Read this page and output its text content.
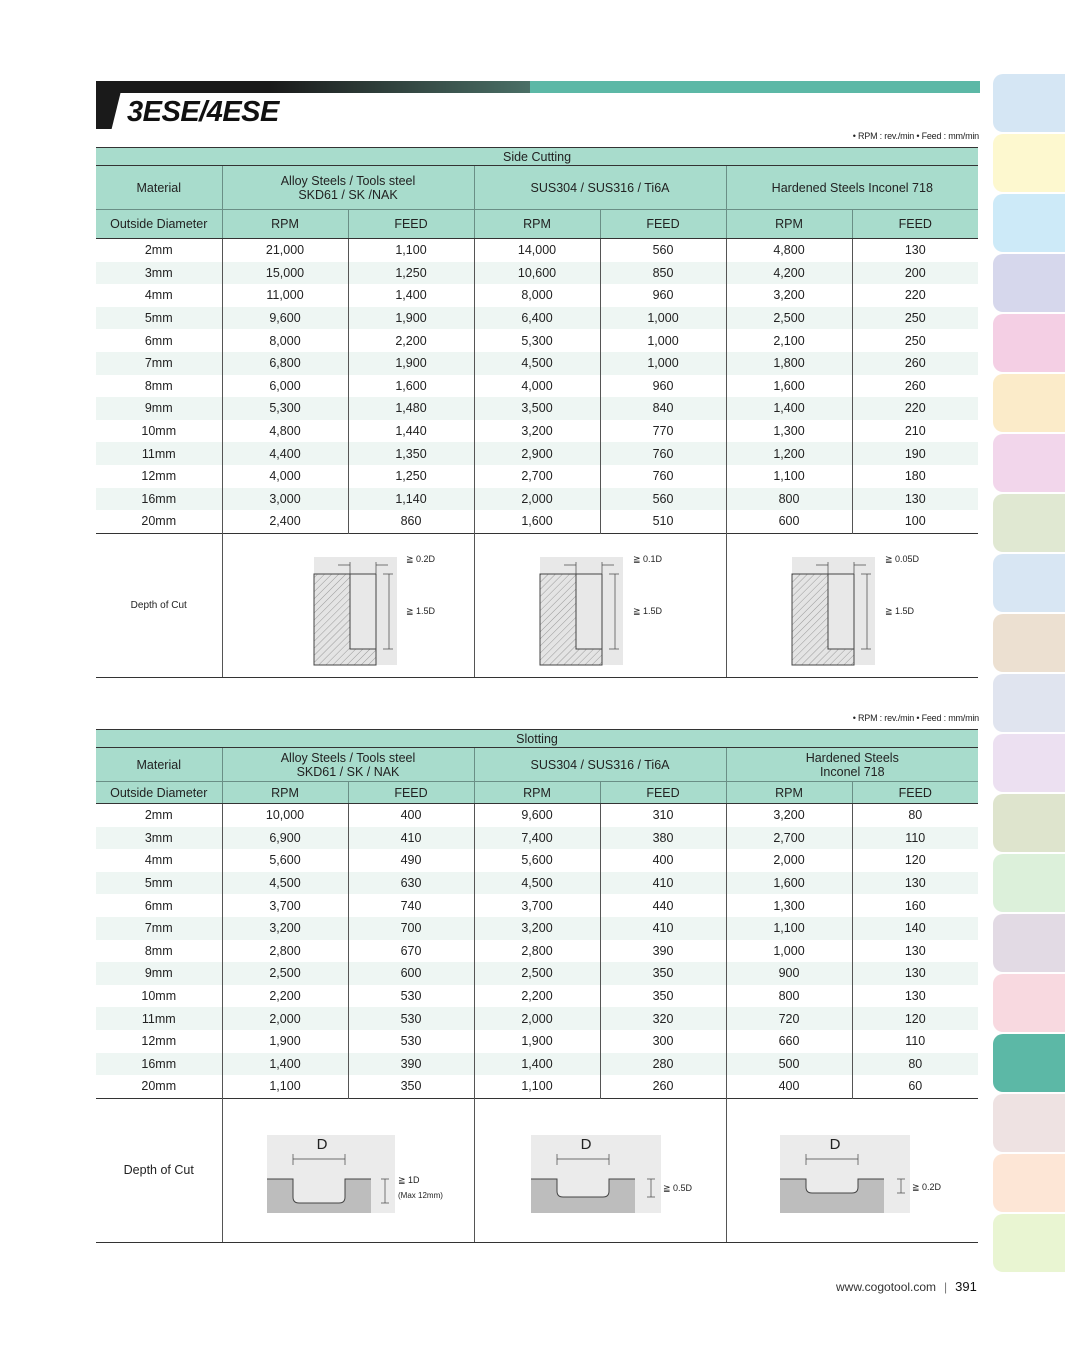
3ESE/4ESE
• RPM : rev./min • Feed : mm/min
Side Cutting						
Material	Alloy Steels / Tools steel
SKD61 / SK /NAK		SUS304 / SUS316 / Ti6A		Hardened Steels Inconel 718	
Outside Diameter	RPM	FEED	RPM	FEED	RPM	FEED
2mm	21,000	1,100	14,000	560	4,800	130
3mm	15,000	1,250	10,600	850	4,200	200
4mm	11,000	1,400	8,000	960	3,200	220
5mm	9,600	1,900	6,400	1,000	2,500	250
6mm	8,000	2,200	5,300	1,000	2,100	250
7mm	6,800	1,900	4,500	1,000	1,800	260
8mm	6,000	1,600	4,000	960	1,600	260
9mm	5,300	1,480	3,500	840	1,400	220
10mm	4,800	1,440	3,200	770	1,300	210
11mm	4,400	1,350	2,900	760	1,200	190
12mm	4,000	1,250	2,700	760	1,100	180
16mm	3,000	1,140	2,000	560	800	130
20mm	2,400	860	1,600	510	600	100
Depth of Cut	≧ 0.2D
≧ 1.5D		≧ 0.1D
≧ 1.5D		≧ 0.05D
≧ 1.5D	
• RPM : rev./min • Feed : mm/min
Slotting						
Material	Alloy Steels / Tools steel
SKD61 / SK / NAK		SUS304 / SUS316 / Ti6A		Hardened Steels
Inconel 718	
Outside Diameter	RPM	FEED	RPM	FEED	RPM	FEED
2mm	10,000	400	9,600	310	3,200	80
3mm	6,900	410	7,400	380	2,700	110
4mm	5,600	490	5,600	400	2,000	120
5mm	4,500	630	4,500	410	1,600	130
6mm	3,700	740	3,700	440	1,300	160
7mm	3,200	700	3,200	410	1,100	140
8mm	2,800	670	2,800	390	1,000	130
9mm	2,500	600	2,500	350	900	130
10mm	2,200	530	2,200	350	800	130
11mm	2,000	530	2,000	320	720	120
12mm	1,900	530	1,900	300	660	110
16mm	1,400	390	1,400	280	500	80
20mm	1,100	350	1,100	260	400	60
Depth of Cut	D
≧ 1D
(Max 12mm)		D
≧ 0.5D		D
≧ 0.2D	
www.cogotool.com | 391
